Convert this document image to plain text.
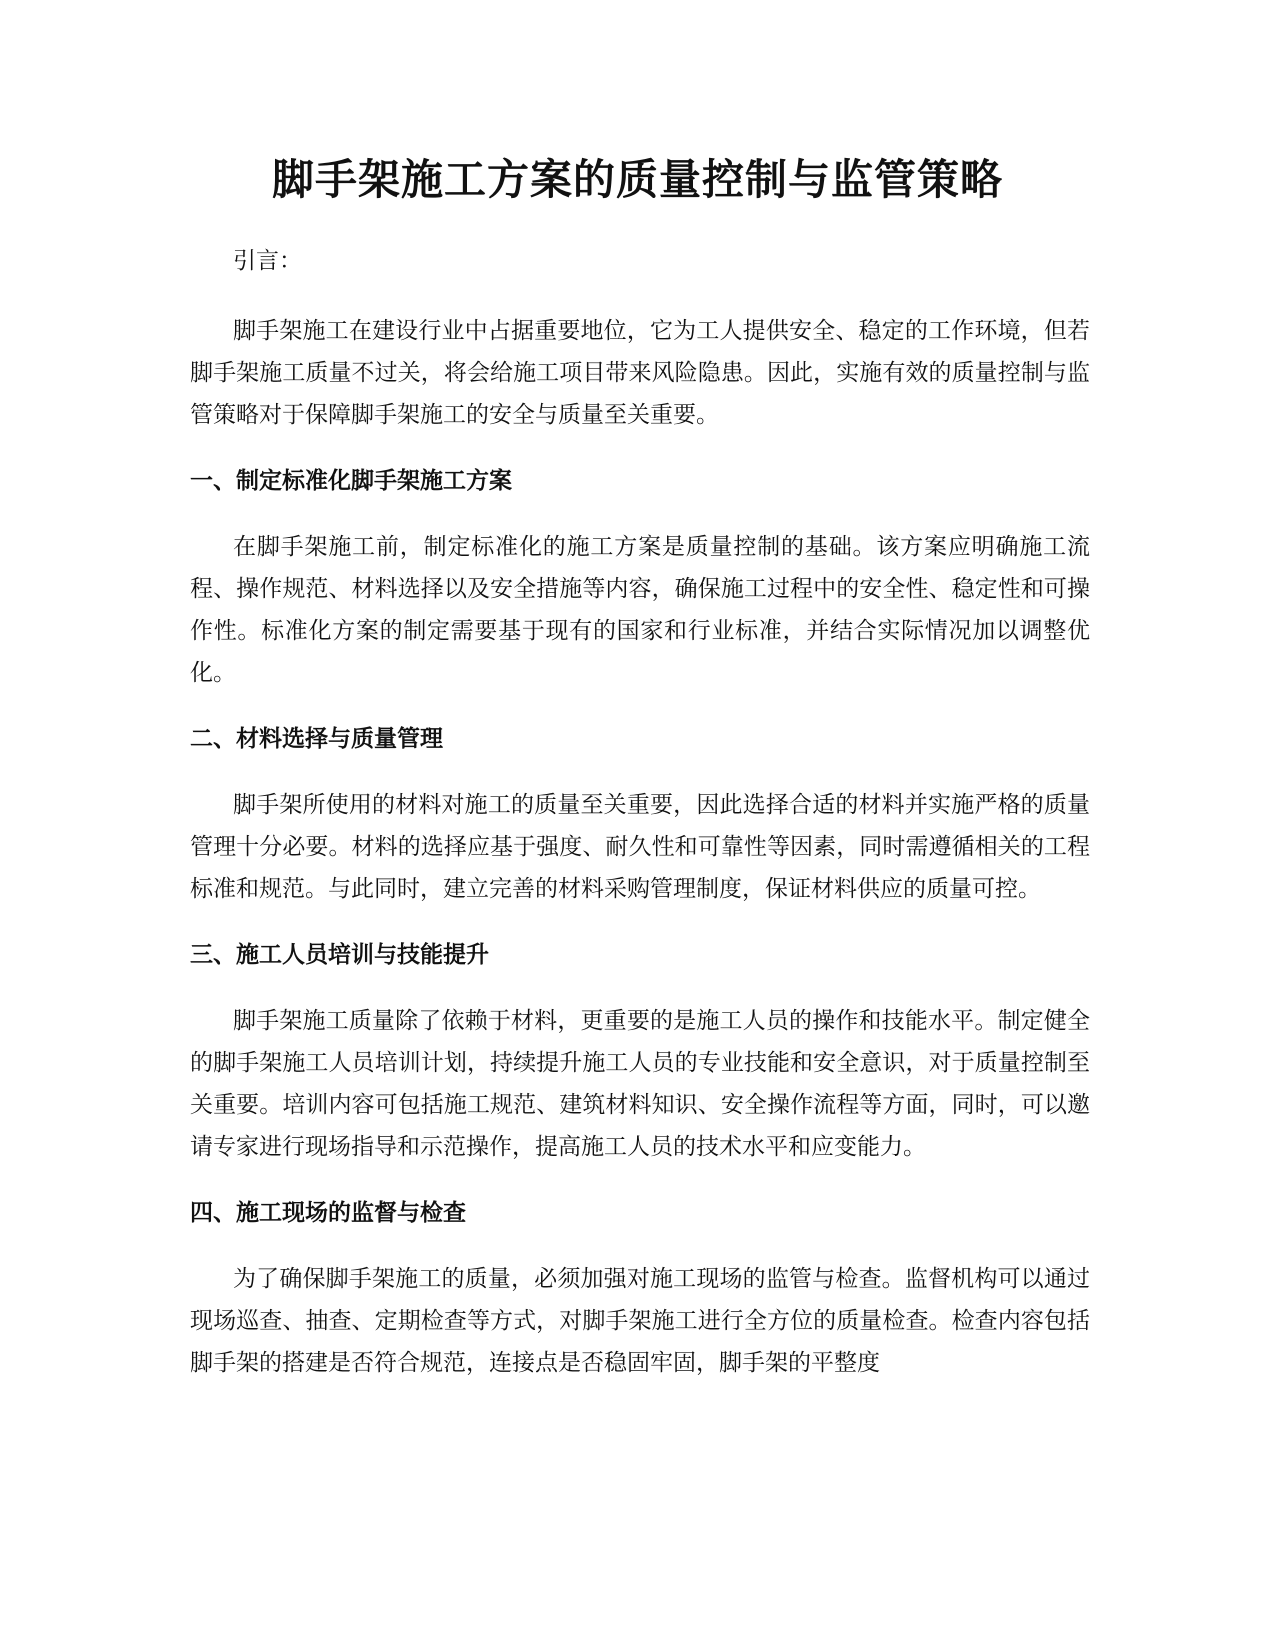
脚手架施工方案的质量控制与监管策略

引言：

脚手架施工在建设行业中占据重要地位，它为工人提供安全、稳定的工作环境，但若脚手架施工质量不过关，将会给施工项目带来风险隐患。因此，实施有效的质量控制与监管策略对于保障脚手架施工的安全与质量至关重要。

一、制定标准化脚手架施工方案

在脚手架施工前，制定标准化的施工方案是质量控制的基础。该方案应明确施工流程、操作规范、材料选择以及安全措施等内容，确保施工过程中的安全性、稳定性和可操作性。标准化方案的制定需要基于现有的国家和行业标准，并结合实际情况加以调整优化。

二、材料选择与质量管理

脚手架所使用的材料对施工的质量至关重要，因此选择合适的材料并实施严格的质量管理十分必要。材料的选择应基于强度、耐久性和可靠性等因素，同时需遵循相关的工程标准和规范。与此同时，建立完善的材料采购管理制度，保证材料供应的质量可控。

三、施工人员培训与技能提升

脚手架施工质量除了依赖于材料，更重要的是施工人员的操作和技能水平。制定健全的脚手架施工人员培训计划，持续提升施工人员的专业技能和安全意识，对于质量控制至关重要。培训内容可包括施工规范、建筑材料知识、安全操作流程等方面，同时，可以邀请专家进行现场指导和示范操作，提高施工人员的技术水平和应变能力。

四、施工现场的监督与检查

为了确保脚手架施工的质量，必须加强对施工现场的监管与检查。监督机构可以通过现场巡查、抽查、定期检查等方式，对脚手架施工进行全方位的质量检查。检查内容包括脚手架的搭建是否符合规范，连接点是否稳固牢固，脚手架的平整度
